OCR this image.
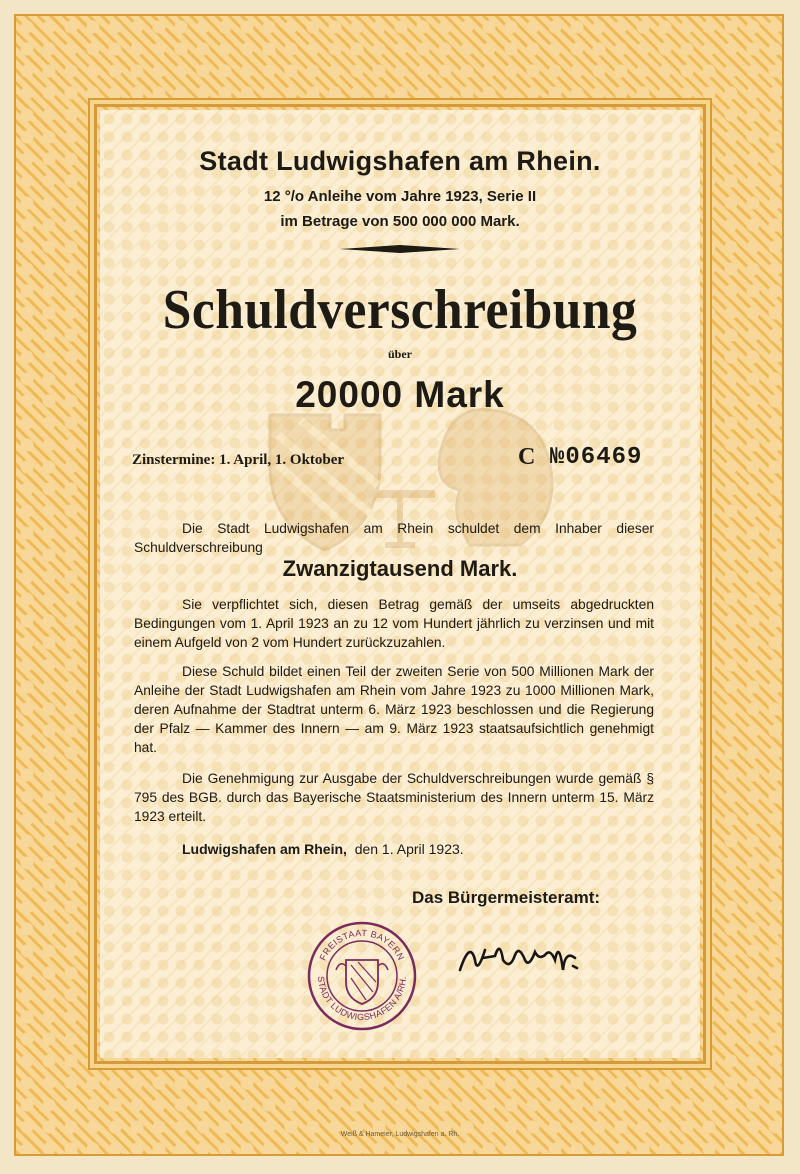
Stadt Ludwigshafen am Rhein.
12 °/o Anleihe vom Jahre 1923, Serie II
im Betrage von 500 000 000 Mark.
Schuldverschreibung
über
20000 Mark
Zinstermine: 1. April, 1. Oktober	C №06469
Die Stadt Ludwigshafen am Rhein schuldet dem Inhaber dieser Schuldverschreibung
Zwanzigtausend Mark.
Sie verpflichtet sich, diesen Betrag gemäß der umseits abgedruckten Bedingungen vom 1. April 1923 an zu 12 vom Hundert jährlich zu verzinsen und mit einem Aufgeld von 2 vom Hundert zurückzuzahlen.
Diese Schuld bildet einen Teil der zweiten Serie von 500 Millionen Mark der Anleihe der Stadt Ludwigshafen am Rhein vom Jahre 1923 zu 1000 Millionen Mark, deren Aufnahme der Stadtrat unterm 6. März 1923 beschlossen und die Regierung der Pfalz — Kammer des Innern — am 9. März 1923 staatsaufsichtlich genehmigt hat.
Die Genehmigung zur Ausgabe der Schuldverschreibungen wurde gemäß § 795 des BGB. durch das Bayerische Staatsministerium des Innern unterm 15. März 1923 erteilt.
Ludwigshafen am Rhein, den 1. April 1923.
Das Bürgermeisteramt:
FREISTAAT BAYERN
STADT LUDWIGSHAFEN A/RH.
Weiß & Hameier, Ludwigshafen a. Rh.
